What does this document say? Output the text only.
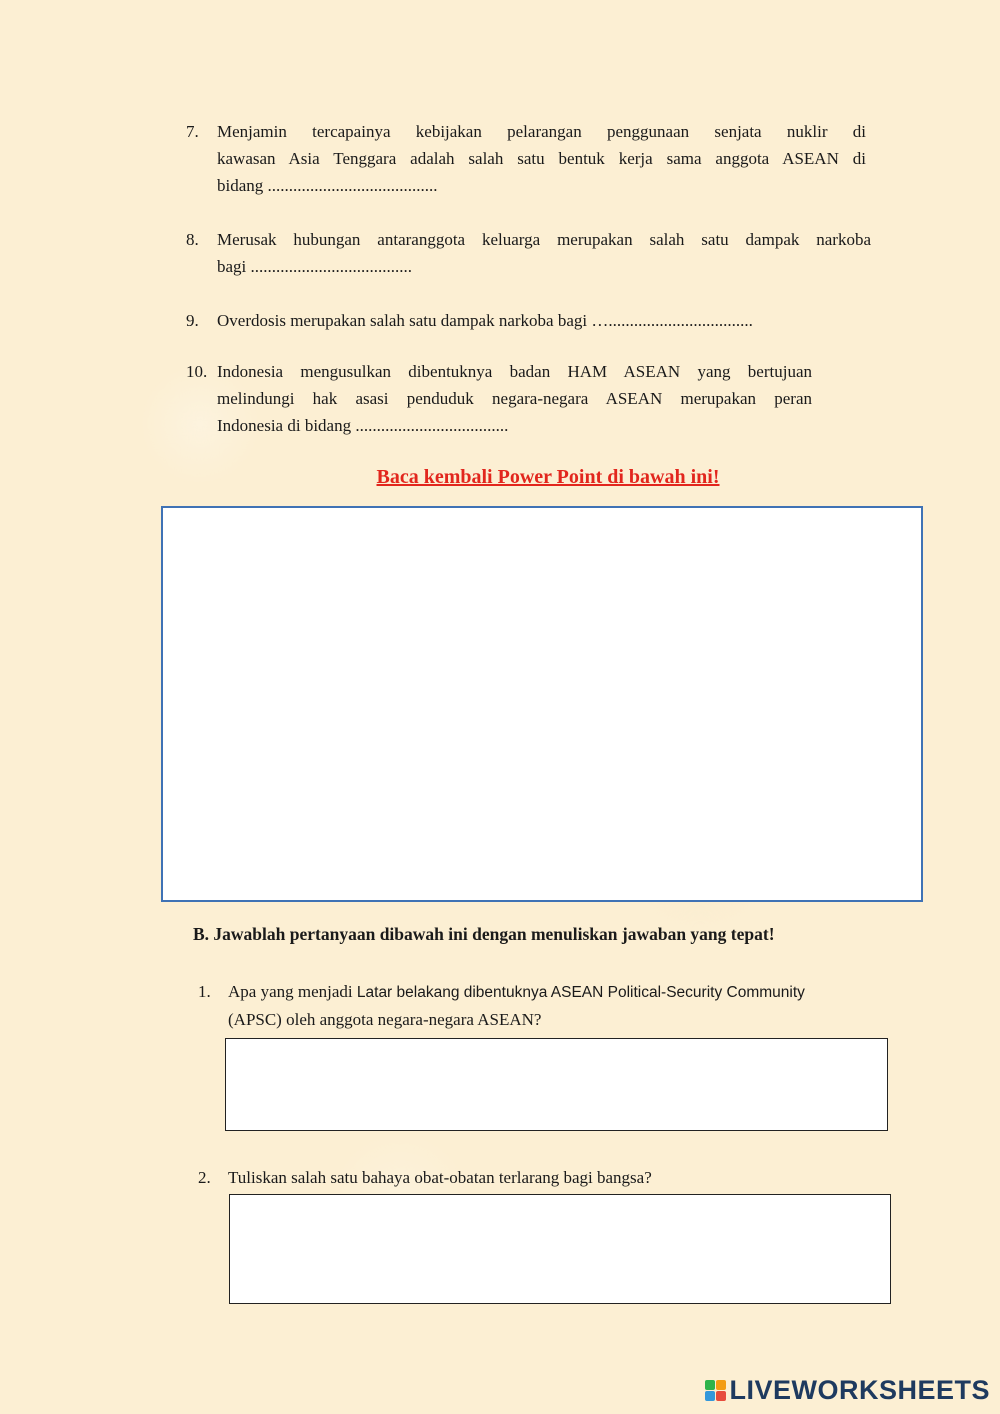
7.	Menjamin tercapainya kebijakan pelarangan penggunaan senjata nuklir di
kawasan Asia Tenggara adalah salah satu bentuk kerja sama anggota ASEAN di
bidang ........................................
8.	Merusak hubungan antaranggota keluarga merupakan salah satu dampak narkoba
bagi ......................................
9.	Overdosis merupakan salah satu dampak narkoba bagi …..................................
10. Indonesia mengusulkan dibentuknya badan HAM ASEAN yang bertujuan
melindungi hak asasi penduduk negara-negara ASEAN merupakan peran
Indonesia di bidang ....................................
Baca kembali Power Point di bawah ini!
B. Jawablah pertanyaan dibawah ini dengan menuliskan jawaban yang tepat!
1. Apa yang menjadi Latar belakang dibentuknya ASEAN Political-Security Community
(APSC) oleh anggota negara-negara ASEAN?
2. Tuliskan salah satu bahaya obat-obatan terlarang bagi bangsa?
LIVEWORKSHEETS
